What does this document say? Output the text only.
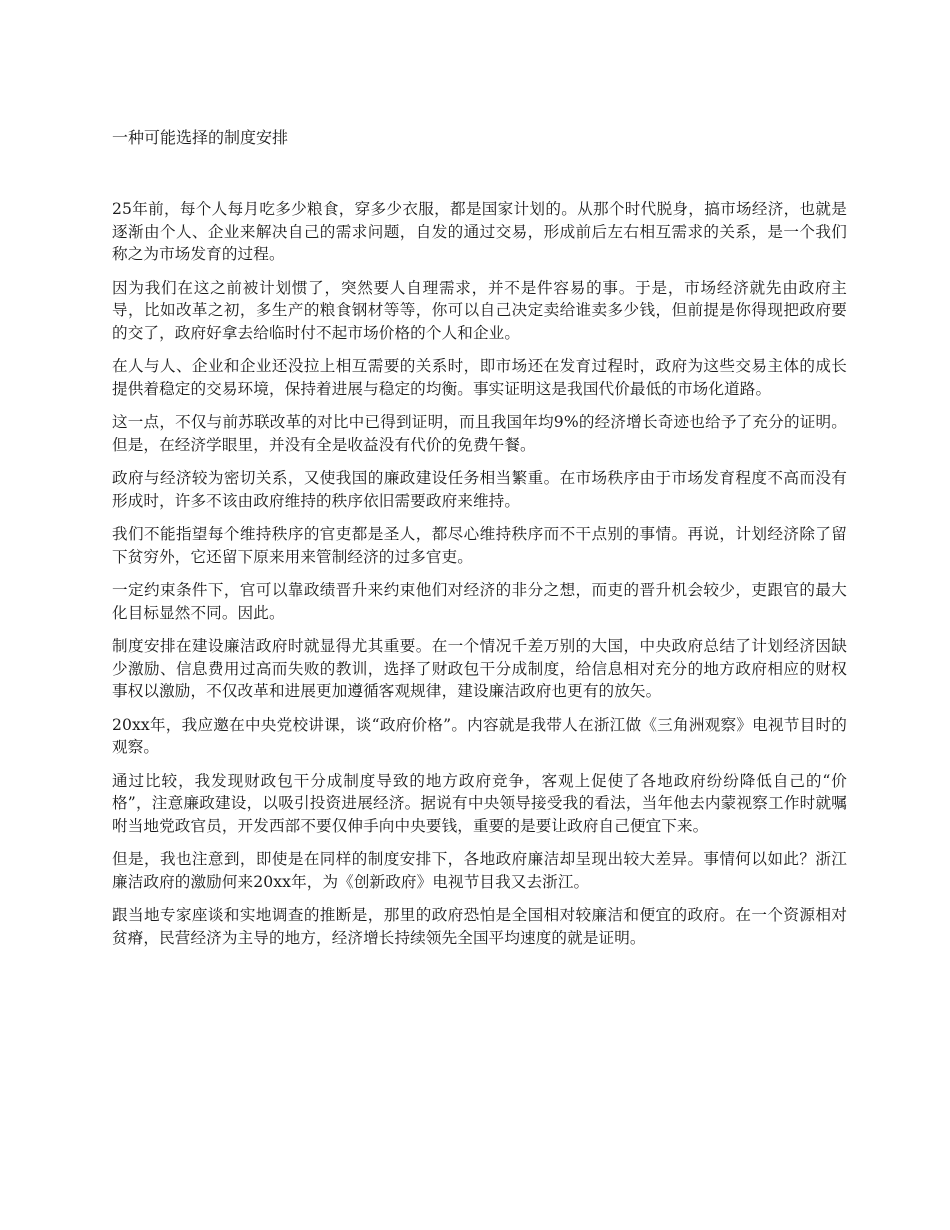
一种可能选择的制度安排

25年前，每个人每月吃多少粮食，穿多少衣服，都是国家计划的。从那个时代脱身，搞市场经济，也就是逐渐由个人、企业来解决自己的需求问题，自发的通过交易，形成前后左右相互需求的关系，是一个我们称之为市场发育的过程。

因为我们在这之前被计划惯了，突然要人自理需求，并不是件容易的事。于是，市场经济就先由政府主导，比如改革之初，多生产的粮食钢材等等，你可以自己决定卖给谁卖多少钱，但前提是你得现把政府要的交了，政府好拿去给临时付不起市场价格的个人和企业。

在人与人、企业和企业还没拉上相互需要的关系时，即市场还在发育过程时，政府为这些交易主体的成长提供着稳定的交易环境，保持着进展与稳定的均衡。事实证明这是我国代价最低的市场化道路。

这一点，不仅与前苏联改革的对比中已得到证明，而且我国年均9%的经济增长奇迹也给予了充分的证明。但是，在经济学眼里，并没有全是收益没有代价的免费午餐。

政府与经济较为密切关系，又使我国的廉政建设任务相当繁重。在市场秩序由于市场发育程度不高而没有形成时，许多不该由政府维持的秩序依旧需要政府来维持。

我们不能指望每个维持秩序的官吏都是圣人，都尽心维持秩序而不干点别的事情。再说，计划经济除了留下贫穷外，它还留下原来用来管制经济的过多官吏。

一定约束条件下，官可以靠政绩晋升来约束他们对经济的非分之想，而吏的晋升机会较少，吏跟官的最大化目标显然不同。因此。

制度安排在建设廉洁政府时就显得尤其重要。在一个情况千差万别的大国，中央政府总结了计划经济因缺少激励、信息费用过高而失败的教训，选择了财政包干分成制度，给信息相对充分的地方政府相应的财权事权以激励，不仅改革和进展更加遵循客观规律，建设廉洁政府也更有的放矢。

20xx年，我应邀在中央党校讲课，谈“政府价格”。内容就是我带人在浙江做《三角洲观察》电视节目时的观察。

通过比较，我发现财政包干分成制度导致的地方政府竞争，客观上促使了各地政府纷纷降低自己的“价格”，注意廉政建设，以吸引投资进展经济。据说有中央领导接受我的看法，当年他去内蒙视察工作时就嘱咐当地党政官员，开发西部不要仅伸手向中央要钱，重要的是要让政府自己便宜下来。

但是，我也注意到，即使是在同样的制度安排下，各地政府廉洁却呈现出较大差异。事情何以如此？浙江廉洁政府的激励何来20xx年，为《创新政府》电视节目我又去浙江。

跟当地专家座谈和实地调查的推断是，那里的政府恐怕是全国相对较廉洁和便宜的政府。在一个资源相对贫瘠，民营经济为主导的地方，经济增长持续领先全国平均速度的就是证明。
